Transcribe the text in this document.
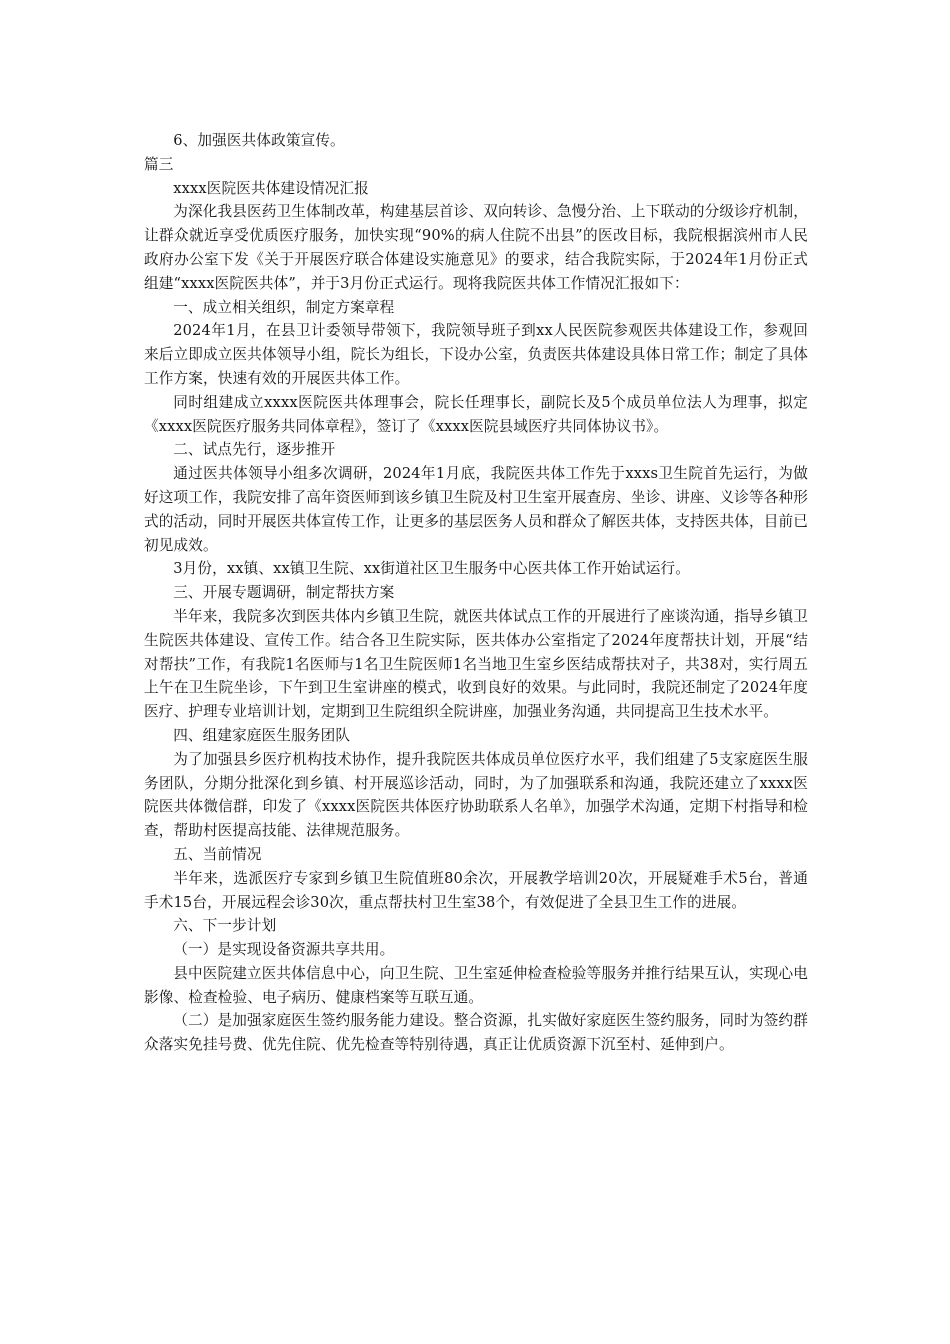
6、加强医共体政策宣传。

篇三

xxxx医院医共体建设情况汇报

为深化我县医药卫生体制改革，构建基层首诊、双向转诊、急慢分治、上下联动的分级诊疗机制，让群众就近享受优质医疗服务，加快实现“90%的病人住院不出县”的医改目标，我院根据滨州市人民政府办公室下发《关于开展医疗联合体建设实施意见》的要求，结合我院实际，于2024年1月份正式组建“xxxx医院医共体”，并于3月份正式运行。现将我院医共体工作情况汇报如下：

一、成立相关组织，制定方案章程

2024年1月，在县卫计委领导带领下，我院领导班子到xx人民医院参观医共体建设工作，参观回来后立即成立医共体领导小组，院长为组长，下设办公室，负责医共体建设具体日常工作；制定了具体工作方案，快速有效的开展医共体工作。

同时组建成立xxxx医院医共体理事会，院长任理事长，副院长及5个成员单位法人为理事，拟定《xxxx医院医疗服务共同体章程》，签订了《xxxx医院县域医疗共同体协议书》。

二、试点先行，逐步推开

通过医共体领导小组多次调研，2024年1月底，我院医共体工作先于xxxs卫生院首先运行，为做好这项工作，我院安排了高年资医师到该乡镇卫生院及村卫生室开展查房、坐诊、讲座、义诊等各种形式的活动，同时开展医共体宣传工作，让更多的基层医务人员和群众了解医共体，支持医共体，目前已初见成效。

3月份，xx镇、xx镇卫生院、xx街道社区卫生服务中心医共体工作开始试运行。

三、开展专题调研，制定帮扶方案

半年来，我院多次到医共体内乡镇卫生院，就医共体试点工作的开展进行了座谈沟通，指导乡镇卫生院医共体建设、宣传工作。结合各卫生院实际，医共体办公室指定了2024年度帮扶计划，开展“结对帮扶”工作，有我院1名医师与1名卫生院医师1名当地卫生室乡医结成帮扶对子，共38对，实行周五上午在卫生院坐诊，下午到卫生室讲座的模式，收到良好的效果。与此同时，我院还制定了2024年度医疗、护理专业培训计划，定期到卫生院组织全院讲座，加强业务沟通，共同提高卫生技术水平。

四、组建家庭医生服务团队

为了加强县乡医疗机构技术协作，提升我院医共体成员单位医疗水平，我们组建了5支家庭医生服务团队，分期分批深化到乡镇、村开展巡诊活动，同时，为了加强联系和沟通，我院还建立了xxxx医院医共体微信群，印发了《xxxx医院医共体医疗协助联系人名单》，加强学术沟通，定期下村指导和检查，帮助村医提高技能、法律规范服务。

五、当前情况

半年来，选派医疗专家到乡镇卫生院值班80余次，开展教学培训20次，开展疑难手术5台，普通手术15台，开展远程会诊30次，重点帮扶村卫生室38个，有效促进了全县卫生工作的进展。

六、下一步计划

（一）是实现设备资源共享共用。

县中医院建立医共体信息中心，向卫生院、卫生室延伸检查检验等服务并推行结果互认，实现心电影像、检查检验、电子病历、健康档案等互联互通。

（二）是加强家庭医生签约服务能力建设。整合资源，扎实做好家庭医生签约服务，同时为签约群众落实免挂号费、优先住院、优先检查等特别待遇，真正让优质资源下沉至村、延伸到户。
